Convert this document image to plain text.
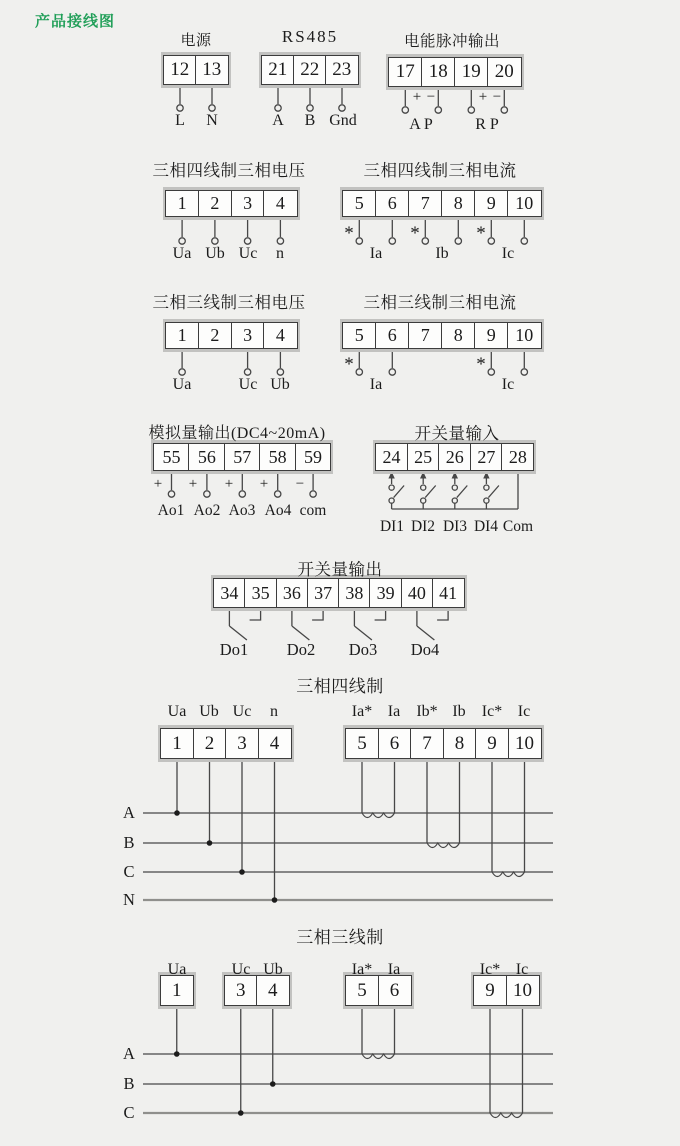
产品接线图
电源	RS485	电能脉冲输出
三相四线制三相电压	三相四线制三相电流
三相三线制三相电压	三相三线制三相电流
模拟量输出(DC4~20mA)	开关量输入
开关量输出
三相四线制
三相三线制
12 13	21 22 23	17 18 19 20
1	2	3	4	5	6	7	8	9	10
1	2	3	4	5	6	7	8	9	10
55 56 57 58 59	24 25 26 27 28
34 35 36 37 38 39 40 41
1	2	3	4	5	6	7	8	9 10
1	3	4	5	6	9 10
L N	A B Gnd
+ −	+ −
A P	R P
Ua Ub Uc n
*	*	*
Ia	Ib	Ic
Ua	Uc Ub
*	*
Ia	Ic
+ + + + −
Ao1 Ao2 Ao3 Ao4 com
DI1 DI2 DI3 DI4 Com
Do1 Do2 Do3 Do4
Ua Ub Uc n	Ia* Ia Ib* Ib Ic* Ic
A
B
C
N
Ua	Uc Ub	Ia* Ia	Ic* Ic
A
B
C
